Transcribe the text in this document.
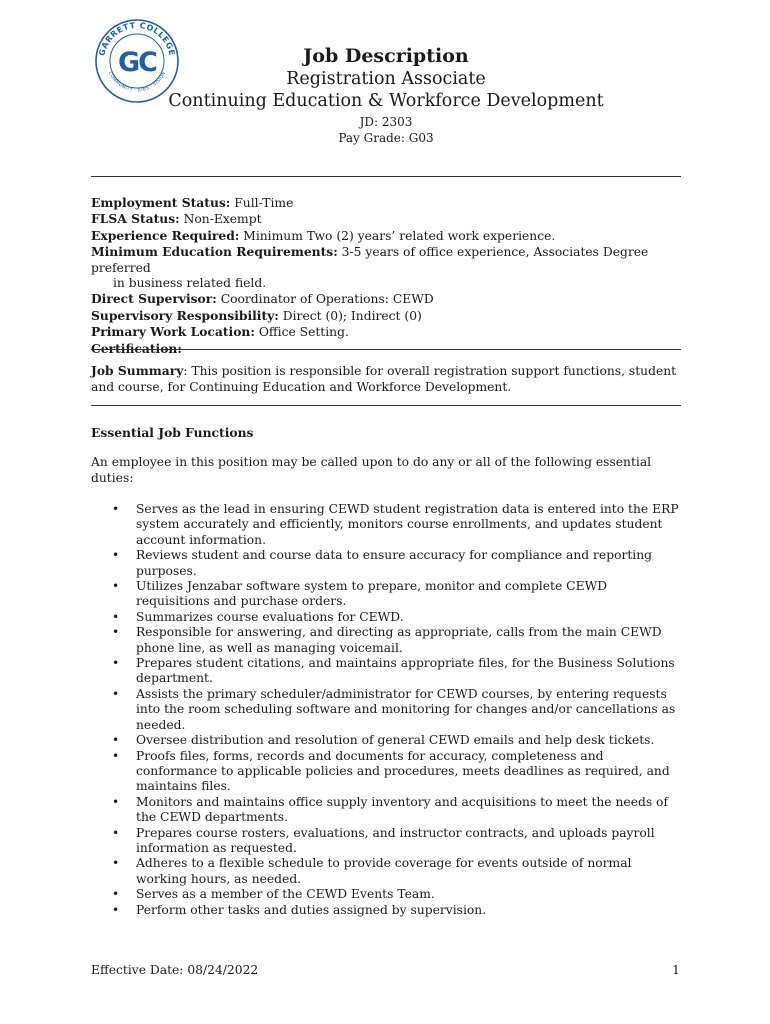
GARRETT COLLEGE
COMMUNITY · JOBS · VISION
GC	Job Description
Registration Associate
Continuing Education & Workforce Development
JD: 2303
Pay Grade: G03
Employment Status: Full-Time
FLSA Status: Non-Exempt
Experience Required: Minimum Two (2) years’ related work experience.
Minimum Education Requirements: 3-5 years of office experience, Associates Degree preferred
in business related field.
Direct Supervisor: Coordinator of Operations: CEWD
Supervisory Responsibility: Direct (0); Indirect (0)
Primary Work Location: Office Setting.
Certification:
Job Summary: This position is responsible for overall registration support functions, student and course, for Continuing Education and Workforce Development.
Essential Job Functions
An employee in this position may be called upon to do any or all of the following essential duties:
• Serves as the lead in ensuring CEWD student registration data is entered into the ERP system accurately and efficiently, monitors course enrollments, and updates student account information.
• Reviews student and course data to ensure accuracy for compliance and reporting purposes.
• Utilizes Jenzabar software system to prepare, monitor and complete CEWD requisitions and purchase orders.
• Summarizes course evaluations for CEWD.
• Responsible for answering, and directing as appropriate, calls from the main CEWD phone line, as well as managing voicemail.
• Prepares student citations, and maintains appropriate files, for the Business Solutions department.
• Assists the primary scheduler/administrator for CEWD courses, by entering requests into the room scheduling software and monitoring for changes and/or cancellations as needed.
• Oversee distribution and resolution of general CEWD emails and help desk tickets.
• Proofs files, forms, records and documents for accuracy, completeness and conformance to applicable policies and procedures, meets deadlines as required, and maintains files.
• Monitors and maintains office supply inventory and acquisitions to meet the needs of the CEWD departments.
• Prepares course rosters, evaluations, and instructor contracts, and uploads payroll information as requested.
• Adheres to a flexible schedule to provide coverage for events outside of normal working hours, as needed.
• Serves as a member of the CEWD Events Team.
• Perform other tasks and duties assigned by supervision.
Effective Date: 08/24/2022	1
